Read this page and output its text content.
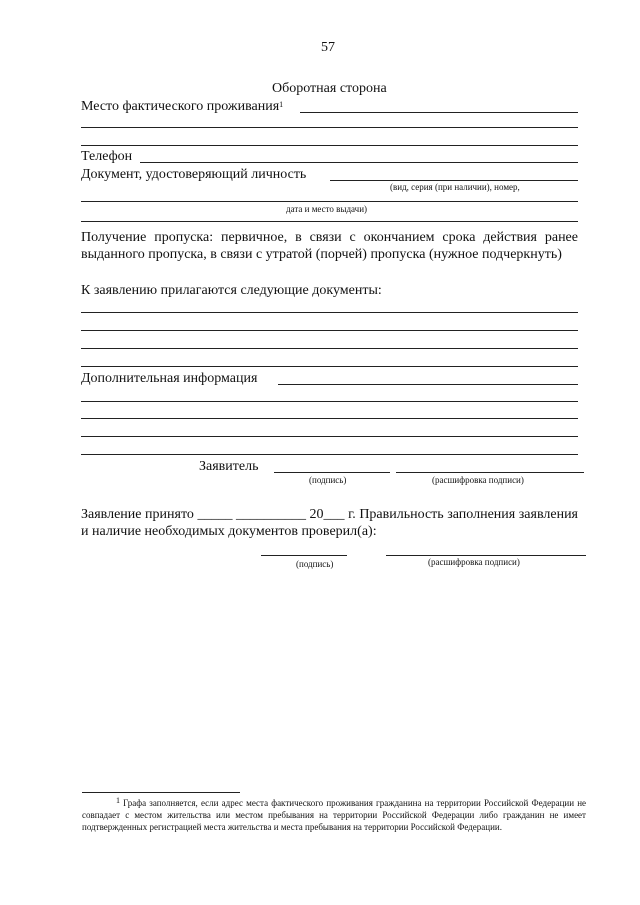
57
Оборотная сторона
Место фактического проживания$^1$
Телефон
Документ, удостоверяющий личность
(вид, серия (при наличии), номер,
дата и место выдачи)
Получение пропуска: первичное, в связи с окончанием срока действия ранее выданного пропуска, в связи с утратой (порчей) пропуска (нужное подчеркнуть)
К заявлению прилагаются следующие документы:
Дополнительная информация
Заявитель
(подпись)	(расшифровка подписи)
Заявление принято _____ __________ 20___ г. Правильность заполнения заявления и наличие необходимых документов проверил(а):
(подпись)	(расшифровка подписи)
$^1$ Графа заполняется, если адрес места фактического проживания гражданина на территории Российской Федерации не совпадает с местом жительства или местом пребывания на территории Российской Федерации либо гражданин не имеет подтвержденных регистрацией места жительства и места пребывания на территории Российской Федерации.
